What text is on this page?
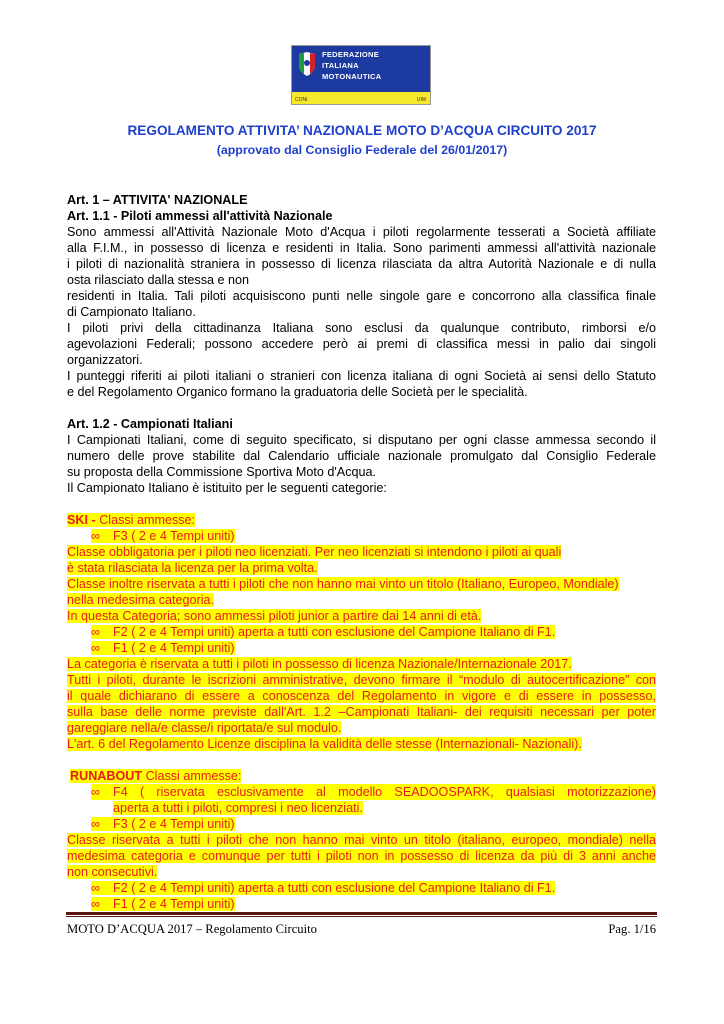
FEDERAZIONE
ITALIANA
MOTONAUTICA
CONI	UIM
REGOLAMENTO ATTIVITA’ NAZIONALE MOTO D’ACQUA CIRCUITO 2017
(approvato dal Consiglio Federale del 26/01/2017)
Art. 1 – ATTIVITA' NAZIONALE
Art. 1.1 - Piloti ammessi all'attività Nazionale
Sono ammessi all'Attività Nazionale Moto d'Acqua i piloti regolarmente tesserati a Società affiliate
alla F.I.M., in possesso di licenza e residenti in Italia. Sono parimenti ammessi all'attività nazionale
i piloti di nazionalità straniera in possesso di licenza rilasciata da altra Autorità Nazionale e di nulla
osta rilasciato dalla stessa e non
residenti in Italia. Tali piloti acquisiscono punti nelle singole gare e concorrono alla classifica finale
di Campionato Italiano.
I piloti privi della cittadinanza Italiana sono esclusi da qualunque contributo, rimborsi e/o
agevolazioni Federali; possono accedere però ai premi di classifica messi in palio dai singoli
organizzatori.
I punteggi riferiti ai piloti italiani o stranieri con licenza italiana di ogni Società ai sensi dello Statuto
e del Regolamento Organico formano la graduatoria delle Società per le specialità.
Art. 1.2 - Campionati Italiani
I Campionati Italiani, come di seguito specificato, si disputano per ogni classe ammessa secondo il
numero delle prove stabilite dal Calendario ufficiale nazionale promulgato dal Consiglio Federale
su proposta della Commissione Sportiva Moto d'Acqua.
Il Campionato Italiano è istituito per le seguenti categorie:
SKI - Classi ammesse:
∞ F3 ( 2 e 4 Tempi uniti)
Classe obbligatoria per i piloti neo licenziati. Per neo licenziati si intendono i piloti ai quali
è stata rilasciata la licenza per la prima volta.
Classe inoltre riservata a tutti i piloti che non hanno mai vinto un titolo (Italiano, Europeo, Mondiale)
nella medesima categoria.
In questa Categoria; sono ammessi piloti junior a partire dai 14 anni di età.
∞ F2 ( 2 e 4 Tempi uniti) aperta a tutti con esclusione del Campione Italiano di F1.
∞ F1 ( 2 e 4 Tempi uniti)
La categoria è riservata a tutti i piloti in possesso di licenza Nazionale/Internazionale 2017.
Tutti i piloti, durante le iscrizioni amministrative, devono firmare il “modulo di autocertificazione” con
il quale dichiarano di essere a conoscenza del Regolamento in vigore e di essere in possesso,
sulla base delle norme previste dall'Art. 1.2 –Campionati Italiani- dei requisiti necessari per poter
gareggiare nella/e classe/i riportata/e sul modulo.
L'art. 6 del Regolamento Licenze disciplina la validità delle stesse (Internazionali- Nazionali).
RUNABOUT Classi ammesse:
∞ F4 ( riservata esclusivamente al modello SEADOOSPARK, qualsiasi motorizzazione)
aperta a tutti i piloti, compresi i neo licenziati.
∞ F3 ( 2 e 4 Tempi uniti)
Classe riservata a tutti i piloti che non hanno mai vinto un titolo (italiano, europeo, mondiale) nella
medesima categoria e comunque per tutti i piloti non in possesso di licenza da più di 3 anni anche
non consecutivi.
∞ F2 ( 2 e 4 Tempi uniti) aperta a tutti con esclusione del Campione Italiano di F1.
∞ F1 ( 2 e 4 Tempi uniti)
MOTO D’ACQUA 2017 – Regolamento Circuito	Pag. 1/16
